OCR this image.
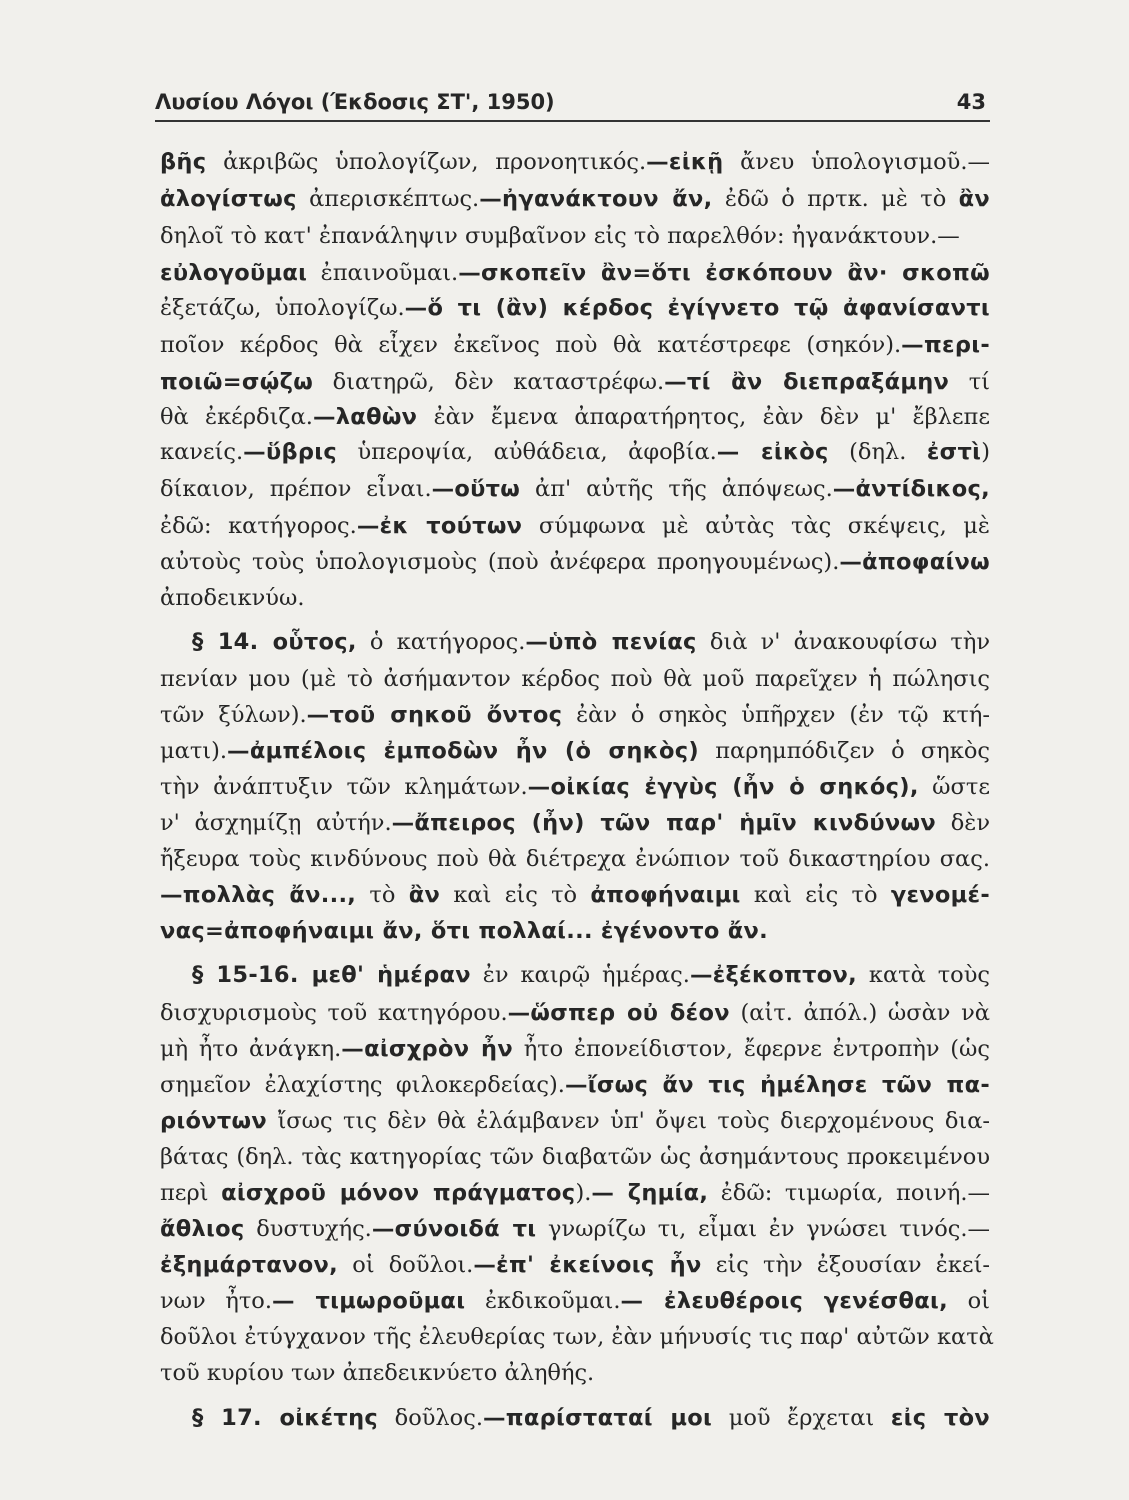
Λυσίου Λόγοι (Έκδοσις ΣΤ', 1950)	43
βῆς ἀκριβῶς ὑπολογίζων, προνοητικός.—εἰκῇ ἄνευ ὑπολογισμοῦ.—
ἀλογίστως ἀπερισκέπτως.—ἠγανάκτουν ἄν, ἐδῶ ὁ πρτκ. μὲ τὸ ἂν
δηλοῖ τὸ κατ' ἐπανάληψιν συμβαῖνον εἰς τὸ παρελθόν: ἠγανάκτουν.—
εὐλογοῦμαι ἐπαινοῦμαι.—σκοπεῖν ἂν=ὅτι ἐσκόπουν ἂν· σκοπῶ
ἐξετάζω, ὑπολογίζω.—ὅ τι (ἂν) κέρδος ἐγίγνετο τῷ ἀφανίσαντι
ποῖον κέρδος θὰ εἶχεν ἐκεῖνος ποὺ θὰ κατέστρεφε (σηκόν).—περι-
ποιῶ=σῴζω διατηρῶ, δὲν καταστρέφω.—τί ἂν διεπραξάμην τί
θὰ ἐκέρδιζα.—λαθὼν ἐὰν ἔμενα ἀπαρατήρητος, ἐὰν δὲν μ' ἔβλεπε
κανείς.—ὕβρις ὑπεροψία, αὐθάδεια, ἀφοβία.— εἰκὸς (δηλ. ἐστὶ)
δίκαιον, πρέπον εἶναι.—οὕτω ἀπ' αὐτῆς τῆς ἀπόψεως.—ἀντίδικος,
ἐδῶ: κατήγορος.—ἐκ τούτων σύμφωνα μὲ αὐτὰς τὰς σκέψεις, μὲ
αὐτοὺς τοὺς ὑπολογισμοὺς (ποὺ ἀνέφερα προηγουμένως).—ἀποφαίνω
ἀποδεικνύω.
§ 14. οὗτος, ὁ κατήγορος.—ὑπὸ πενίας διὰ ν' ἀνακουφίσω τὴν
πενίαν μου (μὲ τὸ ἀσήμαντον κέρδος ποὺ θὰ μοῦ παρεῖχεν ἡ πώλησις
τῶν ξύλων).—τοῦ σηκοῦ ὄντος ἐὰν ὁ σηκὸς ὑπῆρχεν (ἐν τῷ κτή-
ματι).—ἀμπέλοις ἐμποδὼν ἦν (ὁ σηκὸς) παρημπόδιζεν ὁ σηκὸς
τὴν ἀνάπτυξιν τῶν κλημάτων.—οἰκίας ἐγγὺς (ἦν ὁ σηκός), ὥστε
ν' ἀσχημίζῃ αὐτήν.—ἄπειρος (ἦν) τῶν παρ' ἡμῖν κινδύνων δὲν
ἤξευρα τοὺς κινδύνους ποὺ θὰ διέτρεχα ἐνώπιον τοῦ δικαστηρίου σας.
—πολλὰς ἄν..., τὸ ἂν καὶ εἰς τὸ ἀποφήναιμι καὶ εἰς τὸ γενομέ-
νας=ἀποφήναιμι ἄν, ὅτι πολλαί... ἐγένοντο ἄν.
§ 15-16. μεθ' ἡμέραν ἐν καιρῷ ἡμέρας.—ἐξέκοπτον, κατὰ τοὺς
δισχυρισμοὺς τοῦ κατηγόρου.—ὥσπερ οὐ δέον (αἰτ. ἀπόλ.) ὡσὰν νὰ
μὴ ἦτο ἀνάγκη.—αἰσχρὸν ἦν ἦτο ἐπονείδιστον, ἔφερνε ἐντροπὴν (ὡς
σημεῖον ἐλαχίστης φιλοκερδείας).—ἴσως ἄν τις ἠμέλησε τῶν πα-
ριόντων ἴσως τις δὲν θὰ ἐλάμβανεν ὑπ' ὄψει τοὺς διερχομένους δια-
βάτας (δηλ. τὰς κατηγορίας τῶν διαβατῶν ὡς ἀσημάντους προκειμένου
περὶ αἰσχροῦ μόνον πράγματος).— ζημία, ἐδῶ: τιμωρία, ποινή.—
ἄθλιος δυστυχής.—σύνοιδά τι γνωρίζω τι, εἶμαι ἐν γνώσει τινός.—
ἐξημάρτανον, οἱ δοῦλοι.—ἐπ' ἐκείνοις ἦν εἰς τὴν ἐξουσίαν ἐκεί-
νων ἦτο.— τιμωροῦμαι ἐκδικοῦμαι.— ἐλευθέροις γενέσθαι, οἱ
δοῦλοι ἐτύγχανον τῆς ἐλευθερίας των, ἐὰν μήνυσίς τις παρ' αὐτῶν κατὰ
τοῦ κυρίου των ἀπεδεικνύετο ἀληθής.
§ 17. οἰκέτης δοῦλος.—παρίσταταί μοι μοῦ ἔρχεται εἰς τὸν
